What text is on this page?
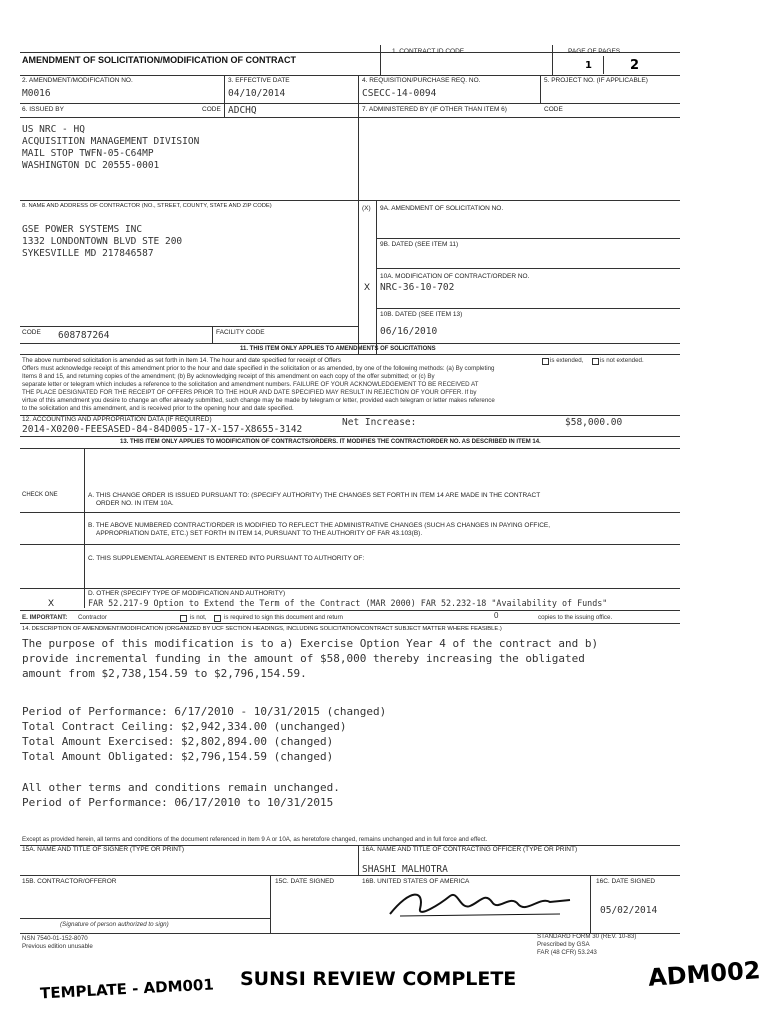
AMENDMENT OF SOLICITATION/MODIFICATION OF CONTRACT
1. CONTRACT ID CODE	PAGE OF PAGES
1	2
2. AMENDMENT/MODIFICATION NO.
M0016
3. EFFECTIVE DATE
04/10/2014
4. REQUISITION/PURCHASE REQ. NO.
CSECC-14-0094
5. PROJECT NO. (IF APPLICABLE)
6. ISSUED BY	CODE ADCHQ	7. ADMINISTERED BY (IF OTHER THAN ITEM 6)	CODE
US NRC - HQ
ACQUISITION MANAGEMENT DIVISION
MAIL STOP TWFN-05-C64MP
WASHINGTON DC 20555-0001
8. NAME AND ADDRESS OF CONTRACTOR (NO., STREET, COUNTY, STATE AND ZIP CODE)
GSE POWER SYSTEMS INC
1332 LONDONTOWN BLVD STE 200
SYKESVILLE MD 217846587
(X) 9A. AMENDMENT OF SOLICITATION NO.
9B. DATED (SEE ITEM 11)
10A. MODIFICATION OF CONTRACT/ORDER NO.
NRC-36-10-702
X
10B. DATED (SEE ITEM 13)
06/16/2010
CODE 608787264	FACILITY CODE
11. THIS ITEM ONLY APPLIES TO AMENDMENTS OF SOLICITATIONS
The above numbered solicitation is amended as set forth in Item 14. The hour and date specified for receipt of Offers	is extended,	is not extended.
Offers must acknowledge receipt of this amendment prior to the hour and date specified in the solicitation or as amended, by one of the following methods: (a) By completing
Items 8 and 15, and returning copies of the amendment; (b) By acknowledging receipt of this amendment on each copy of the offer submitted; or (c) By
separate letter or telegram which includes a reference to the solicitation and amendment numbers. FAILURE OF YOUR ACKNOWLEDGEMENT TO BE RECEIVED AT
THE PLACE DESIGNATED FOR THE RECEIPT OF OFFERS PRIOR TO THE HOUR AND DATE SPECIFIED MAY RESULT IN REJECTION OF YOUR OFFER. If by
virtue of this amendment you desire to change an offer already submitted, such change may be made by telegram or letter, provided each telegram or letter makes reference
to the solicitation and this amendment, and is received prior to the opening hour and date specified.
12. ACCOUNTING AND APPROPRIATION DATA (IF REQUIRED)
2014-X0200-FEESASED-84-84D005-17-X-157-X8655-3142
Net Increase:	$58,000.00
13. THIS ITEM ONLY APPLIES TO MODIFICATION OF CONTRACTS/ORDERS. IT MODIFIES THE CONTRACT/ORDER NO. AS DESCRIBED IN ITEM 14.
CHECK ONE	A. THIS CHANGE ORDER IS ISSUED PURSUANT TO: (SPECIFY AUTHORITY) THE CHANGES SET FORTH IN ITEM 14 ARE MADE IN THE CONTRACT
ORDER NO. IN ITEM 10A.
B. THE ABOVE NUMBERED CONTRACT/ORDER IS MODIFIED TO REFLECT THE ADMINISTRATIVE CHANGES (SUCH AS CHANGES IN PAYING OFFICE,
APPROPRIATION DATE, ETC.) SET FORTH IN ITEM 14, PURSUANT TO THE AUTHORITY OF FAR 43.103(B).
C. THIS SUPPLEMENTAL AGREEMENT IS ENTERED INTO PURSUANT TO AUTHORITY OF:
D. OTHER (SPECIFY TYPE OF MODIFICATION AND AUTHORITY)
X	FAR 52.217-9 Option to Extend the Term of the Contract (MAR 2000) FAR 52.232-18 "Availability of Funds"
E. IMPORTANT: Contractor	is not,	is required to sign this document and return	0	copies to the issuing office.
14. DESCRIPTION OF AMENDMENT/MODIFICATION (ORGANIZED BY UCF SECTION HEADINGS, INCLUDING SOLICITATION/CONTRACT SUBJECT MATTER WHERE FEASIBLE.)
The purpose of this modification is to a) Exercise Option Year 4 of the contract and b)
provide incremental funding in the amount of $58,000 thereby increasing the obligated
amount from $2,738,154.59 to $2,796,154.59.
Period of Performance: 6/17/2010 - 10/31/2015 (changed)
Total Contract Ceiling: $2,942,334.00 (unchanged)
Total Amount Exercised: $2,802,894.00 (changed)
Total Amount Obligated: $2,796,154.59 (changed)
All other terms and conditions remain unchanged.
Period of Performance: 06/17/2010 to 10/31/2015
Except as provided herein, all terms and conditions of the document referenced in Item 9 A or 10A, as heretofore changed, remains unchanged and in full force and effect.
15A. NAME AND TITLE OF SIGNER (TYPE OR PRINT)	16A. NAME AND TITLE OF CONTRACTING OFFICER (TYPE OR PRINT)
SHASHI MALHOTRA
15B. CONTRACTOR/OFFEROR	15C. DATE SIGNED	16B. UNITED STATES OF AMERICA	16C. DATE SIGNED
05/02/2014
(Signature of person authorized to sign)
NSN 7540-01-152-8070
Previous edition unusable
STANDARD FORM 30 (REV. 10-83)
Prescribed by GSA
FAR (48 CFR) 53.243
TEMPLATE - ADM001 SUNSI REVIEW COMPLETE	ADM002
